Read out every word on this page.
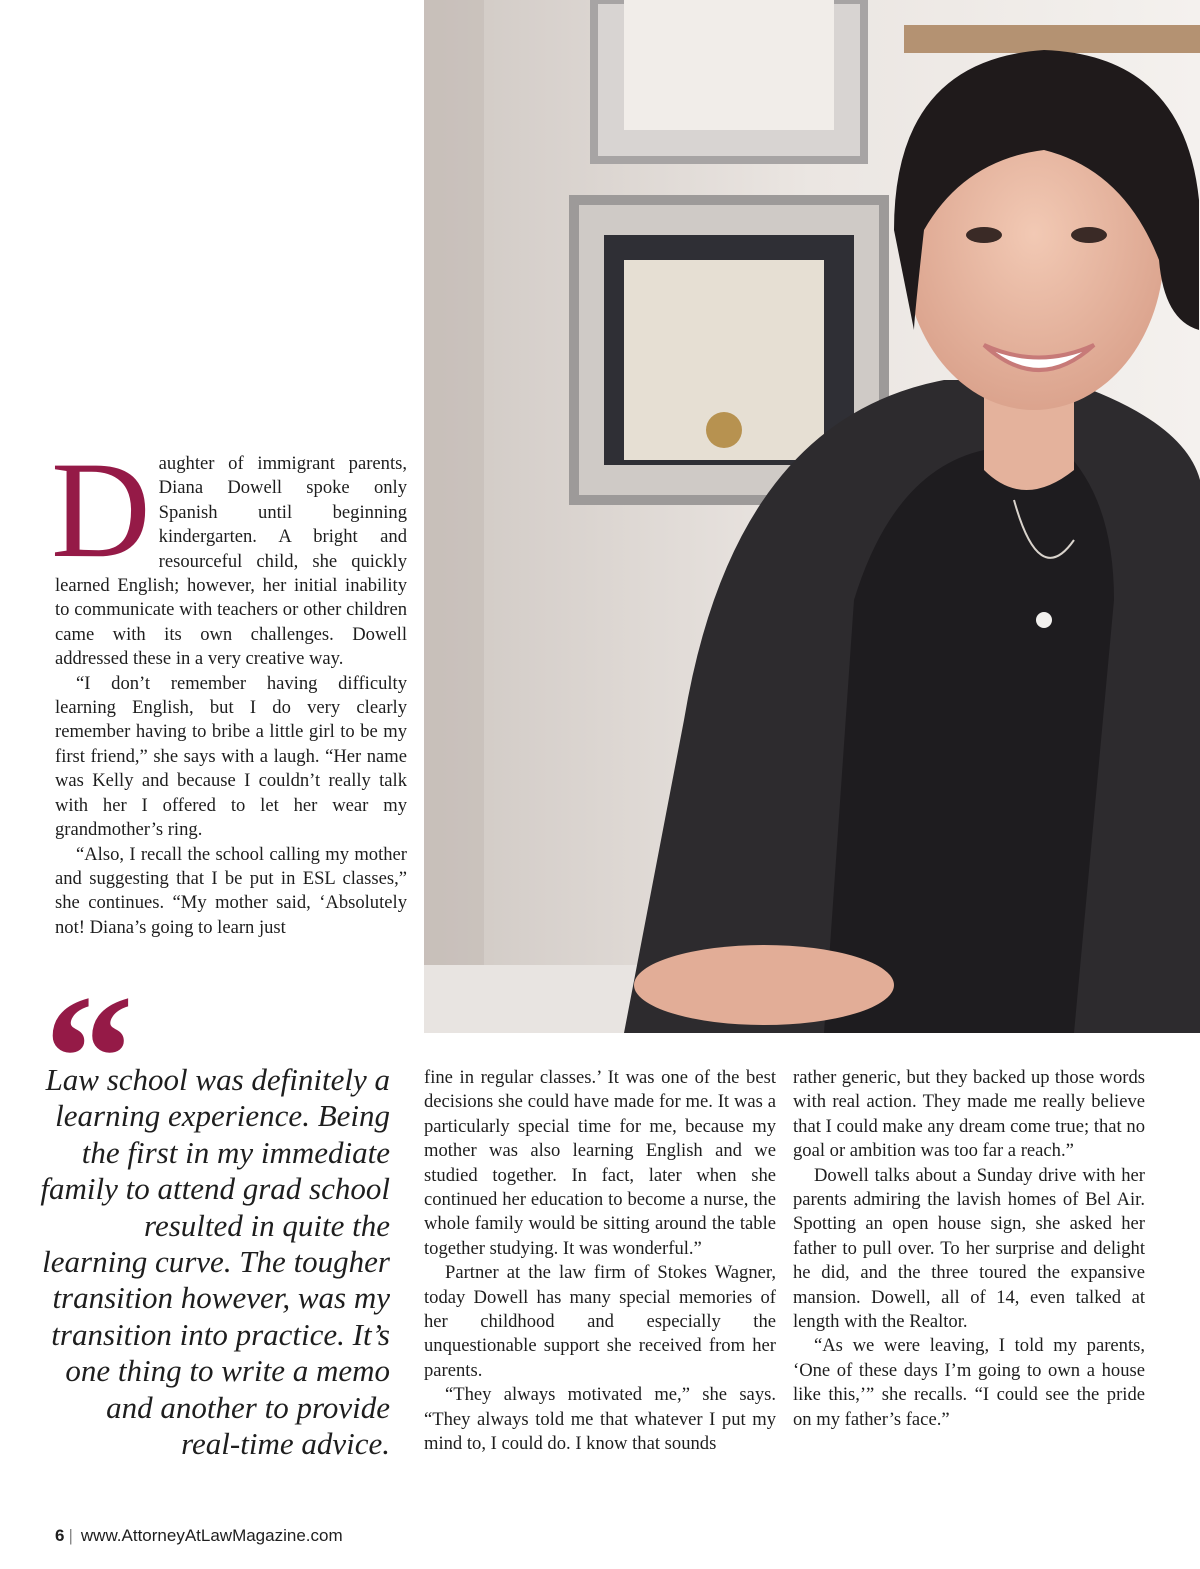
Daughter of immigrant parents, Diana Dowell spoke only Spanish until beginning kindergarten. A bright and resourceful child, she quickly learned English; however, her initial inability to communicate with teachers or other children came with its own challenges. Dowell addressed these in a very creative way.

“I don’t remember having difficulty learning English, but I do very clearly remember having to bribe a little girl to be my first friend,” she says with a laugh. “Her name was Kelly and because I couldn’t really talk with her I offered to let her wear my grandmother’s ring.

“Also, I recall the school calling my mother and suggesting that I be put in ESL classes,” she continues. “My mother said, ‘Absolutely not! Diana’s going to learn just

“
Law school was definitely a learning experience. Being the first in my immediate family to attend grad school resulted in quite the learning curve. The tougher transition however, was my transition into practice. It’s one thing to write a memo and another to provide real-time advice.

fine in regular classes.’ It was one of the best decisions she could have made for me. It was a particularly special time for me, because my mother was also learning English and we studied together. In fact, later when she continued her education to become a nurse, the whole family would be sitting around the table together studying. It was wonderful.”

Partner at the law firm of Stokes Wagner, today Dowell has many special memories of her childhood and especially the unquestionable support she received from her parents.

“They always motivated me,” she says. “They always told me that whatever I put my mind to, I could do. I know that sounds

rather generic, but they backed up those words with real action. They made me really believe that I could make any dream come true; that no goal or ambition was too far a reach.”

Dowell talks about a Sunday drive with her parents admiring the lavish homes of Bel Air. Spotting an open house sign, she asked her father to pull over. To her surprise and delight he did, and the three toured the expansive mansion. Dowell, all of 14, even talked at length with the Realtor.

“As we were leaving, I told my parents, ‘One of these days I’m going to own a house like this,’” she recalls. “I could see the pride on my father’s face.”

6 | www.AttorneyAtLawMagazine.com
